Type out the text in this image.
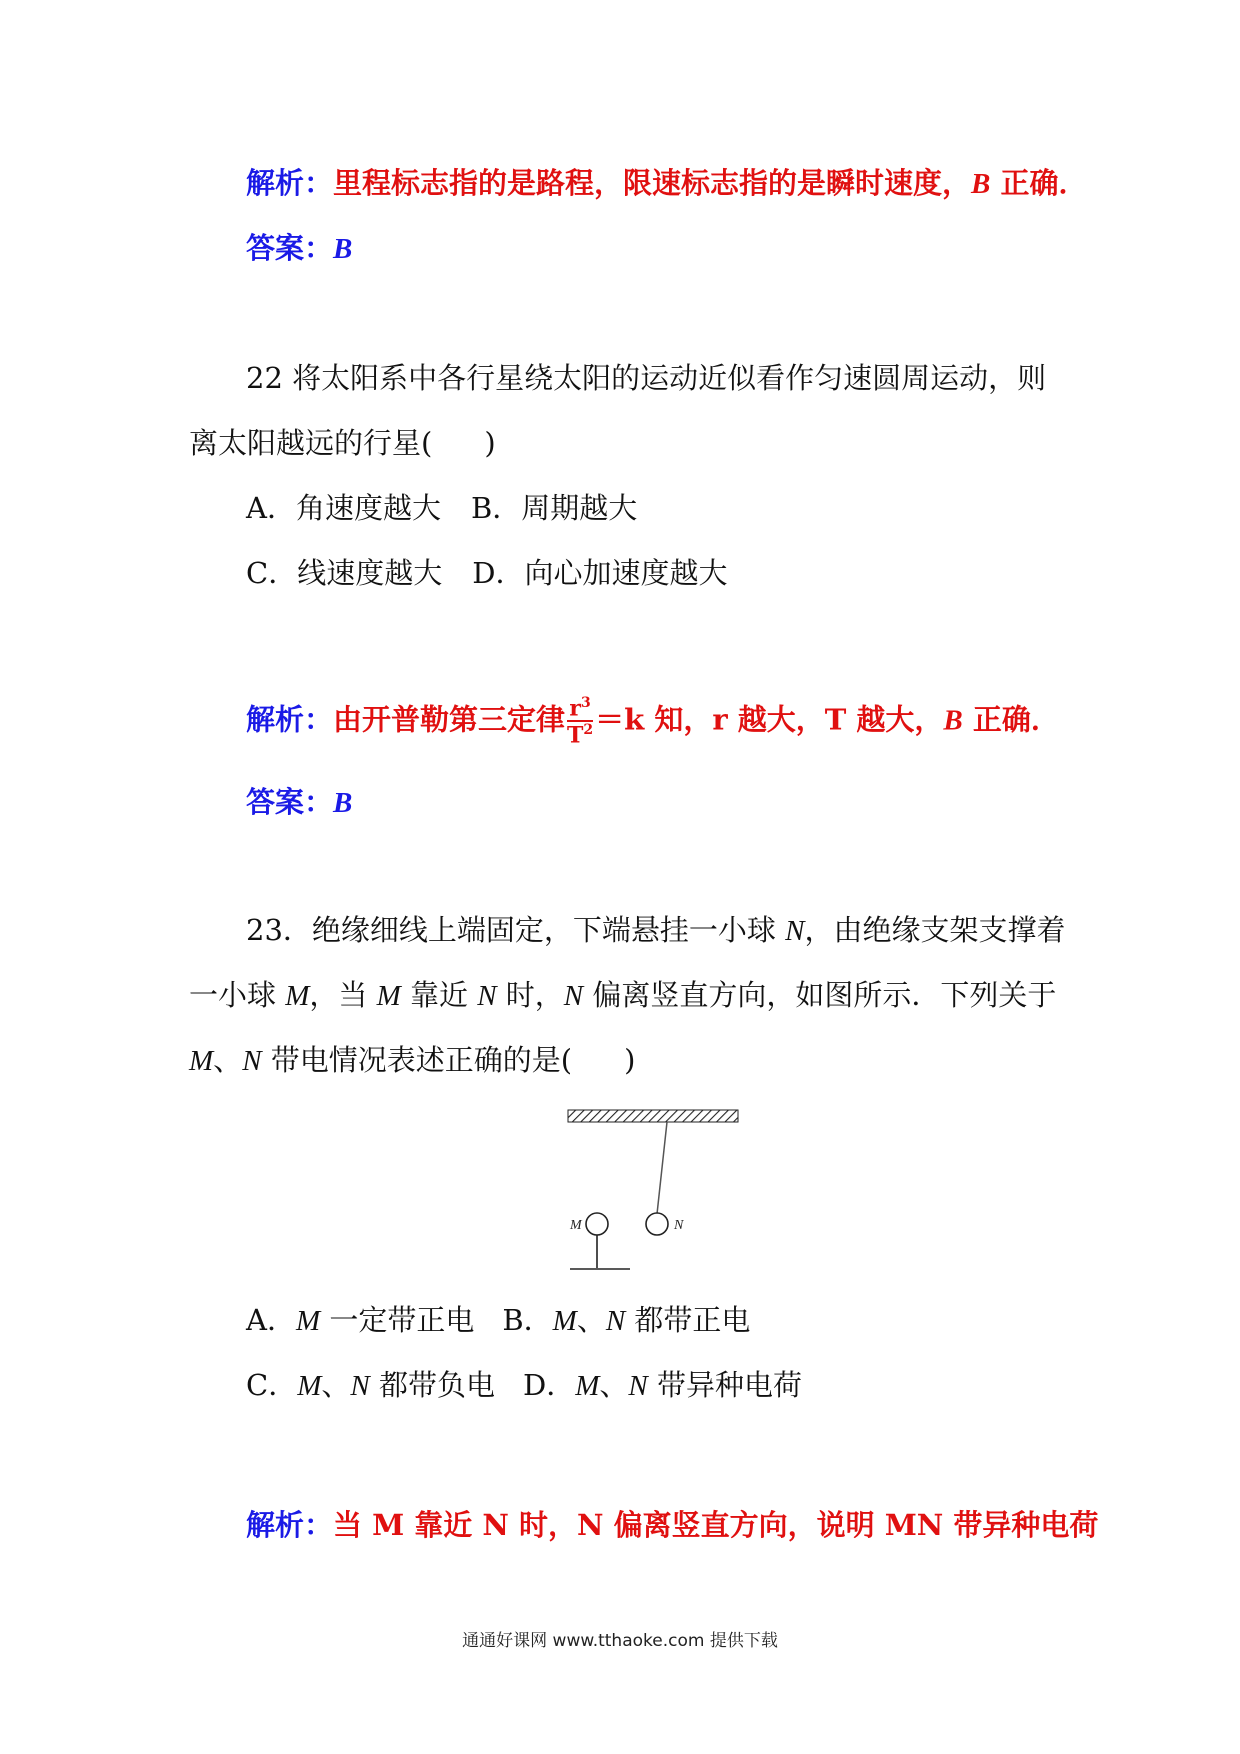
解析：里程标志指的是路程，限速标志指的是瞬时速度，B 正确．
答案：B
22 将太阳系中各行星绕太阳的运动近似看作匀速圆周运动，则
离太阳越远的行星( )
A．角速度越大 B．周期越大
C．线速度越大 D．向心加速度越大
解析：由开普勒第三定律 $\frac{r^3}{T^2} =k$ 知，r 越大，T 越大，B 正确．
答案：B
23．绝缘细线上端固定，下端悬挂一小球 N，由绝缘支架支撑着
一小球 M，当 M 靠近 N 时，N 偏离竖直方向，如图所示．下列关于
M、N 带电情况表述正确的是( )
N
M
A．M 一定带正电 B．M、N 都带正电
C．M、N 都带负电 D．M、N 带异种电荷
解析：当 M 靠近 N 时，N 偏离竖直方向，说明 MN 带异种电荷
通通好课网 www.tthaoke.com 提供下载
